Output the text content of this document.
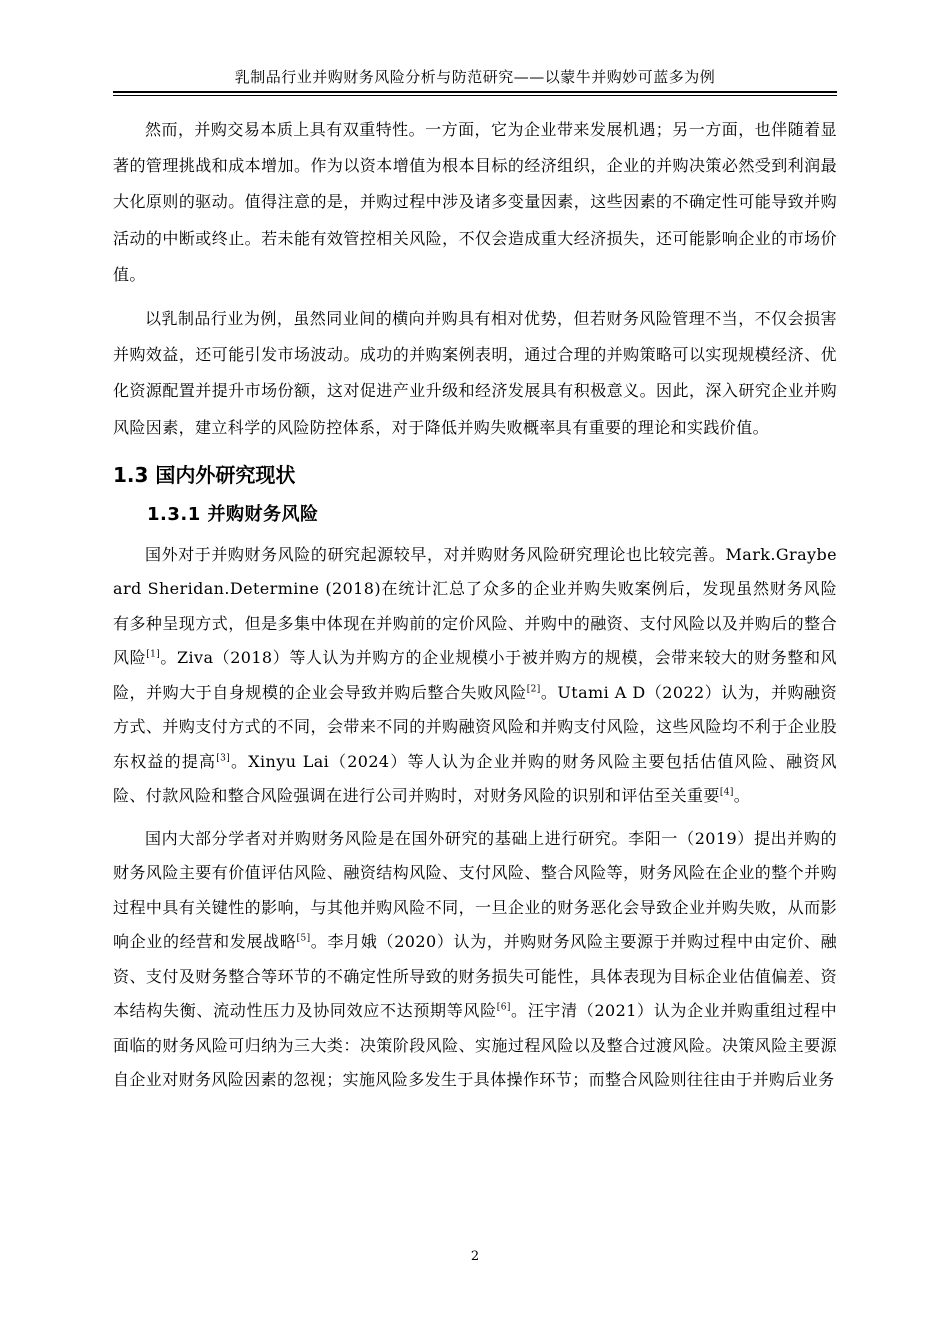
乳制品行业并购财务风险分析与防范研究——以蒙牛并购妙可蓝多为例

然而，并购交易本质上具有双重特性。一方面，它为企业带来发展机遇；另一方面，也伴随着显著的管理挑战和成本增加。作为以资本增值为根本目标的经济组织，企业的并购决策必然受到利润最大化原则的驱动。值得注意的是，并购过程中涉及诸多变量因素，这些因素的不确定性可能导致并购活动的中断或终止。若未能有效管控相关风险，不仅会造成重大经济损失，还可能影响企业的市场价值。

以乳制品行业为例，虽然同业间的横向并购具有相对优势，但若财务风险管理不当，不仅会损害并购效益，还可能引发市场波动。成功的并购案例表明，通过合理的并购策略可以实现规模经济、优化资源配置并提升市场份额，这对促进产业升级和经济发展具有积极意义。因此，深入研究企业并购风险因素，建立科学的风险防控体系，对于降低并购失败概率具有重要的理论和实践价值。

1.3 国内外研究现状
1.3.1 并购财务风险

国外对于并购财务风险的研究起源较早，对并购财务风险研究理论也比较完善。Mark.Graybeard Sheridan.Determine (2018)在统计汇总了众多的企业并购失败案例后，发现虽然财务风险有多种呈现方式，但是多集中体现在并购前的定价风险、并购中的融资、支付风险以及并购后的整合风险[1]。Ziva（2018）等人认为并购方的企业规模小于被并购方的规模，会带来较大的财务整和风险，并购大于自身规模的企业会导致并购后整合失败风险[2]。Utami A D（2022）认为，并购融资方式、并购支付方式的不同，会带来不同的并购融资风险和并购支付风险，这些风险均不利于企业股东权益的提高[3]。Xinyu Lai（2024）等人认为企业并购的财务风险主要包括估值风险、融资风险、付款风险和整合风险强调在进行公司并购时，对财务风险的识别和评估至关重要[4]。

国内大部分学者对并购财务风险是在国外研究的基础上进行研究。李阳一（2019）提出并购的财务风险主要有价值评估风险、融资结构风险、支付风险、整合风险等，财务风险在企业的整个并购过程中具有关键性的影响，与其他并购风险不同，一旦企业的财务恶化会导致企业并购失败，从而影响企业的经营和发展战略[5]。李月娥（2020）认为，并购财务风险主要源于并购过程中由定价、融资、支付及财务整合等环节的不确定性所导致的财务损失可能性，具体表现为目标企业估值偏差、资本结构失衡、流动性压力及协同效应不达预期等风险[6]。汪宇清（2021）认为企业并购重组过程中面临的财务风险可归纳为三大类：决策阶段风险、实施过程风险以及整合过渡风险。决策风险主要源自企业对财务风险因素的忽视；实施风险多发生于具体操作环节；而整合风险则往往由于并购后业务

2
